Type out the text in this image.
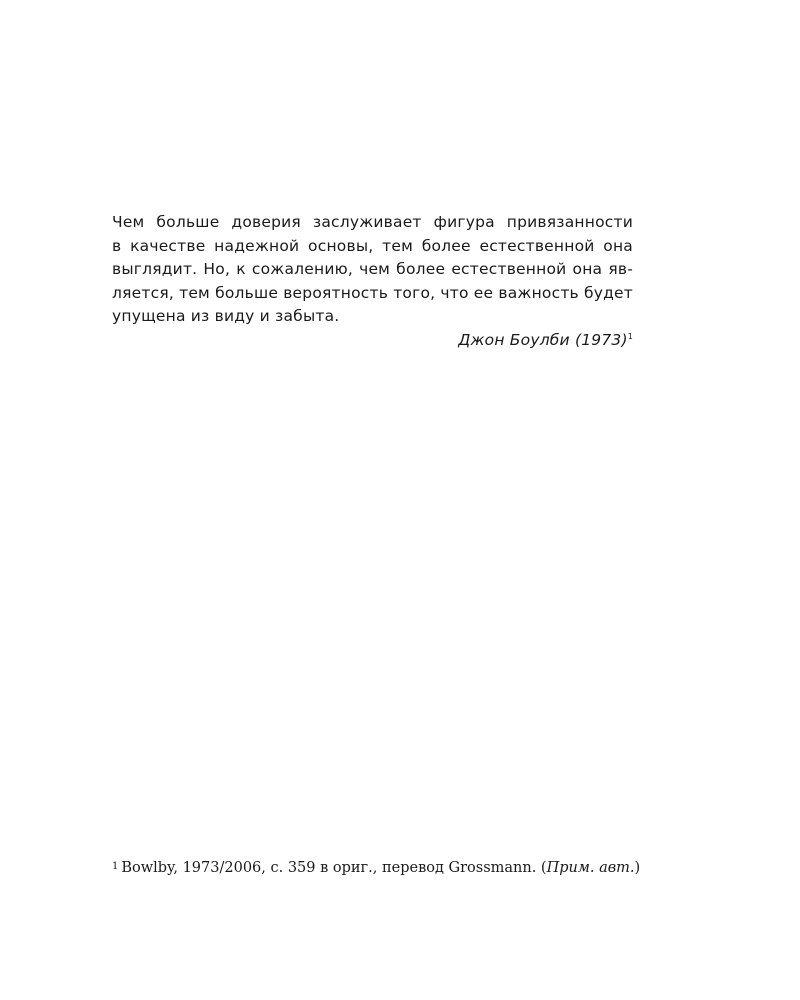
Чем больше доверия заслуживает фигура привязанности
в качестве надежной основы, тем более естественной она
выглядит. Но, к сожалению, чем более естественной она яв-
ляется, тем больше вероятность того, что ее важность будет
упущена из виду и забыта.
Джон Боулби $(1973)^1$
$^1$ Bowlby, 1973/2006, с. 359 в ориг., перевод Grossmann. (Прим. авт.)
